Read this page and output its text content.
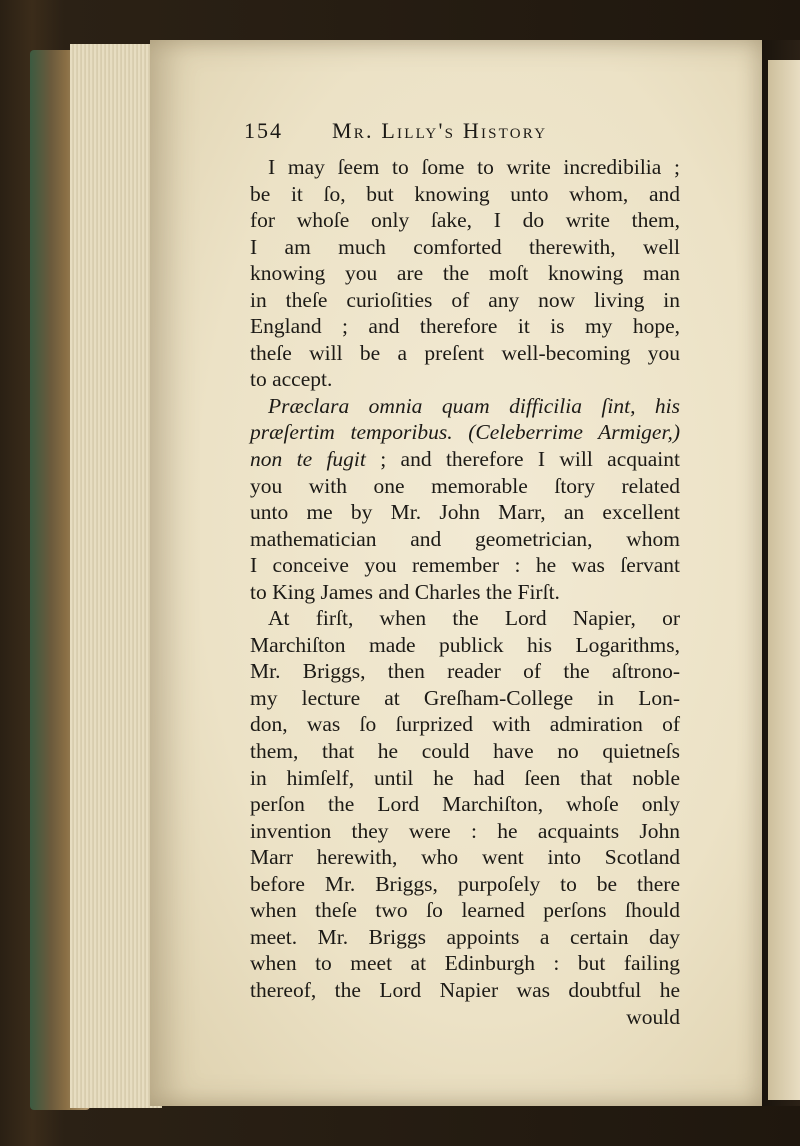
154	Mr. Lilly's History
I may ſeem to ſome to write incredibilia ;
be it ſo, but knowing unto whom, and
for whoſe only ſake, I do write them,
I am much comforted therewith, well
knowing you are the moſt knowing man
in theſe curioſities of any now living in
England ; and therefore it is my hope,
theſe will be a preſent well-becoming you
to accept.
Præclara omnia quam difficilia ſint, his
præſertim temporibus. (Celeberrime Armiger,)
non te fugit ; and therefore I will acquaint
you with one memorable ſtory related
unto me by Mr. John Marr, an excellent
mathematician and geometrician, whom
I conceive you remember : he was ſervant
to King James and Charles the Firſt.
At firſt, when the Lord Napier, or
Marchiſton made publick his Logarithms,
Mr. Briggs, then reader of the aſtrono-
my lecture at Greſham-College in Lon-
don, was ſo ſurprized with admiration of
them, that he could have no quietneſs
in himſelf, until he had ſeen that noble
perſon the Lord Marchiſton, whoſe only
invention they were : he acquaints John
Marr herewith, who went into Scotland
before Mr. Briggs, purpoſely to be there
when theſe two ſo learned perſons ſhould
meet. Mr. Briggs appoints a certain day
when to meet at Edinburgh : but failing
thereof, the Lord Napier was doubtful he
would
